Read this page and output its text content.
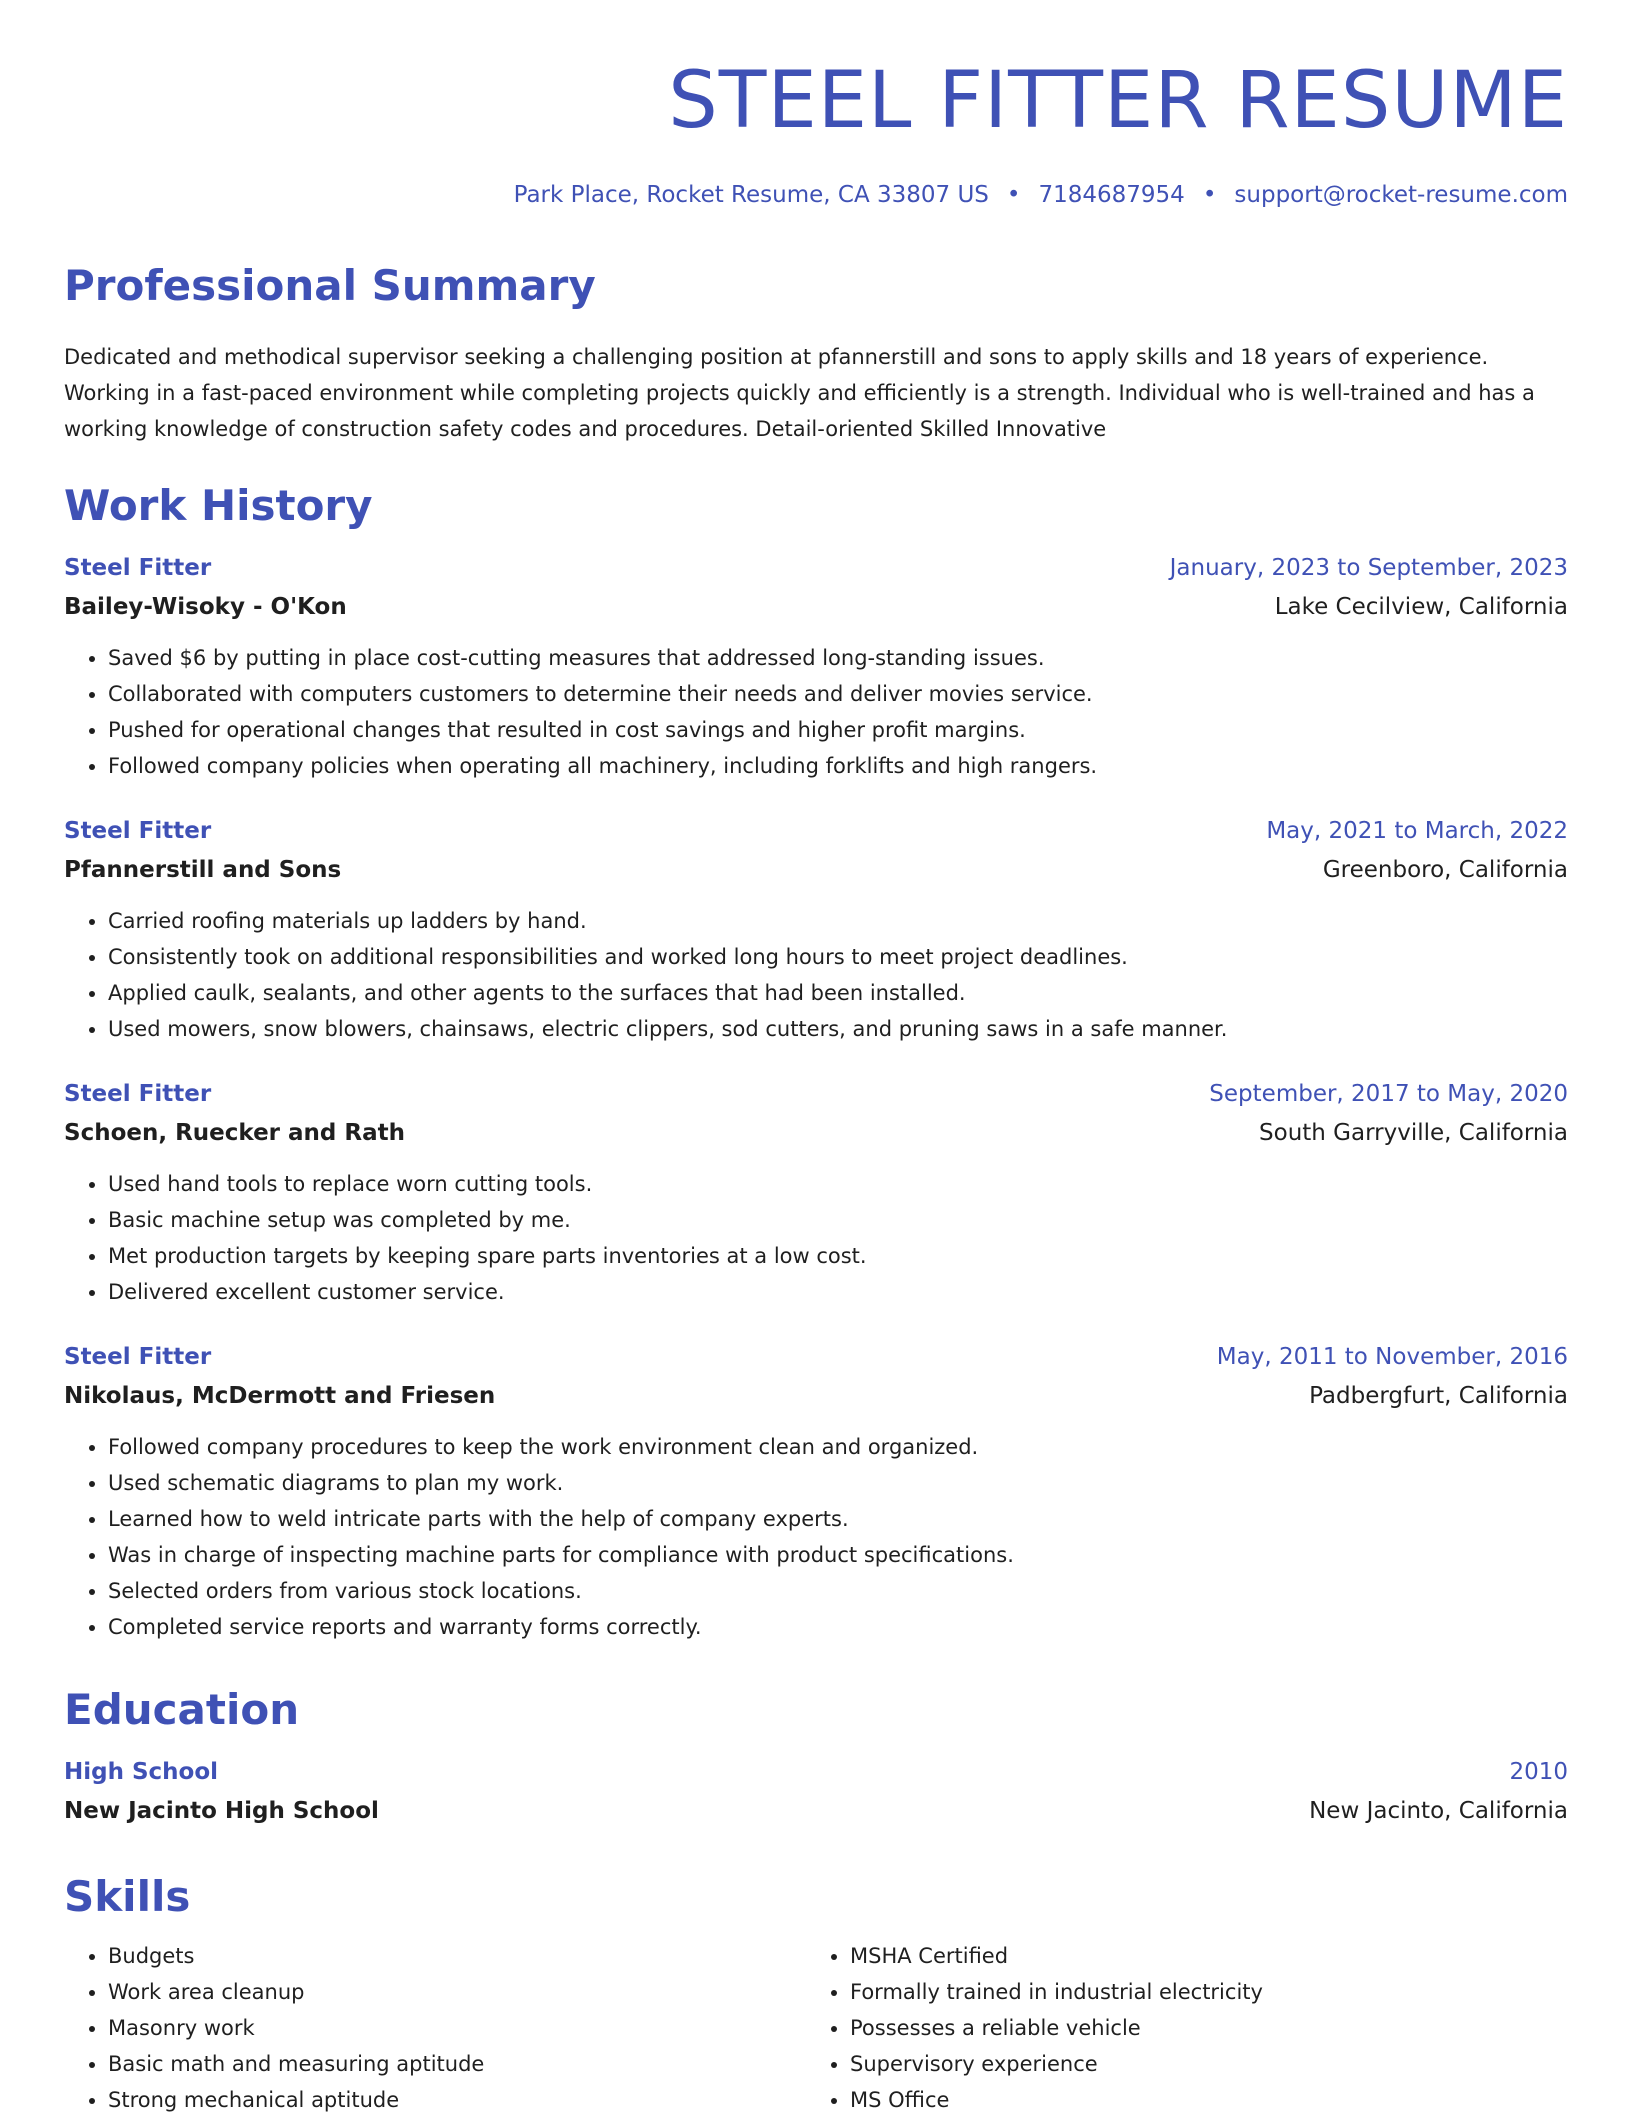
STEEL FITTER RESUME
Park Place, Rocket Resume, CA 33807 US • 7184687954 • support@rocket-resume.com
Professional Summary

Dedicated and methodical supervisor seeking a challenging position at pfannerstill and sons to apply skills and 18 years of experience. Working in a fast-paced environment while completing projects quickly and efficiently is a strength. Individual who is well-trained and has a working knowledge of construction safety codes and procedures. Detail-oriented Skilled Innovative

Work History
Steel Fitter	January, 2023 to September, 2023
Bailey-Wisoky - O'Kon	Lake Cecilview, California
• Saved $6 by putting in place cost-cutting measures that addressed long-standing issues.
• Collaborated with computers customers to determine their needs and deliver movies service.
• Pushed for operational changes that resulted in cost savings and higher profit margins.
• Followed company policies when operating all machinery, including forklifts and high rangers.
Steel Fitter	May, 2021 to March, 2022
Pfannerstill and Sons	Greenboro, California
• Carried roofing materials up ladders by hand.
• Consistently took on additional responsibilities and worked long hours to meet project deadlines.
• Applied caulk, sealants, and other agents to the surfaces that had been installed.
• Used mowers, snow blowers, chainsaws, electric clippers, sod cutters, and pruning saws in a safe manner.
Steel Fitter	September, 2017 to May, 2020
Schoen, Ruecker and Rath	South Garryville, California
• Used hand tools to replace worn cutting tools.
• Basic machine setup was completed by me.
• Met production targets by keeping spare parts inventories at a low cost.
• Delivered excellent customer service.
Steel Fitter	May, 2011 to November, 2016
Nikolaus, McDermott and Friesen	Padbergfurt, California
• Followed company procedures to keep the work environment clean and organized.
• Used schematic diagrams to plan my work.
• Learned how to weld intricate parts with the help of company experts.
• Was in charge of inspecting machine parts for compliance with product specifications.
• Selected orders from various stock locations.
• Completed service reports and warranty forms correctly.
Education
High School	2010
New Jacinto High School	New Jacinto, California
Skills
• Budgets
• Work area cleanup
• Masonry work
• Basic math and measuring aptitude
• Strong mechanical aptitude
• MSHA Certified
• Formally trained in industrial electricity
• Possesses a reliable vehicle
• Supervisory experience
• MS Office
